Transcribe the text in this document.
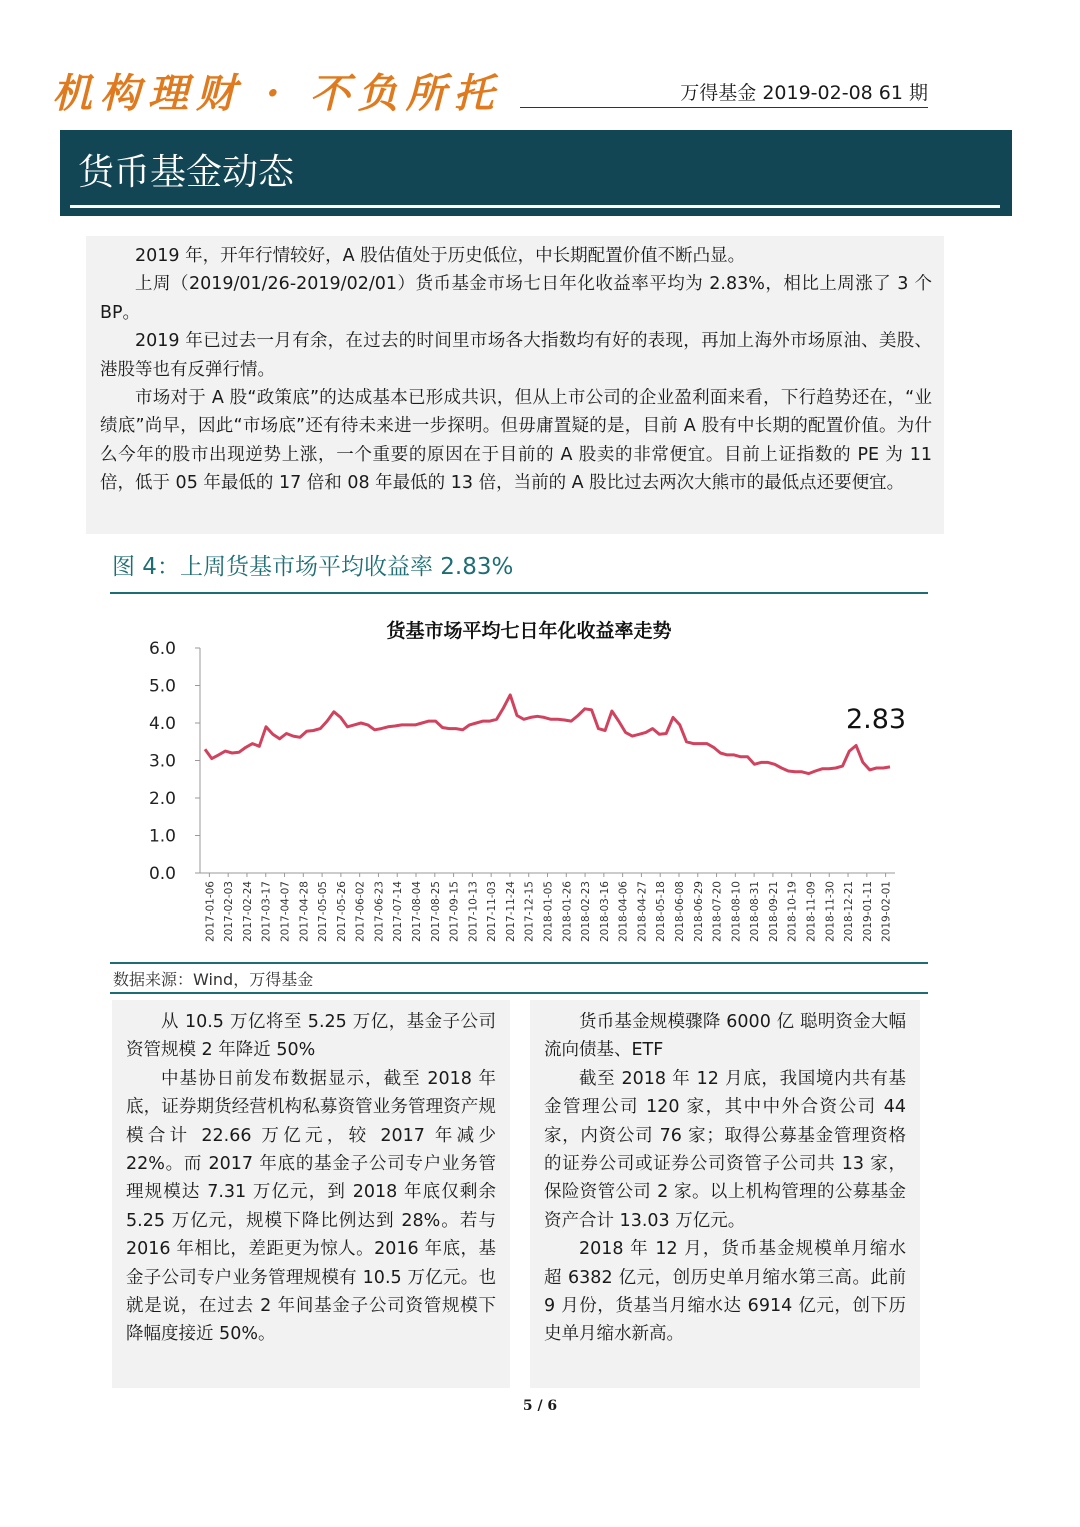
机构理财 · 不负所托	万得基金 2019-02-08 61 期
货币基金动态

2019 年，开年行情较好，A 股估值处于历史低位，中长期配置价值不断凸显。

上周（2019/01/26-2019/02/01）货币基金市场七日年化收益率平均为 2.83%，相比上周涨了 3 个 BP。

2019 年已过去一月有余，在过去的时间里市场各大指数均有好的表现，再加上海外市场原油、美股、港股等也有反弹行情。

市场对于 A 股“政策底”的达成基本已形成共识，但从上市公司的企业盈利面来看，下行趋势还在，“业绩底”尚早，因此“市场底”还有待未来进一步探明。但毋庸置疑的是，目前 A 股有中长期的配置价值。为什么今年的股市出现逆势上涨，一个重要的原因在于目前的 A 股卖的非常便宜。目前上证指数的 PE 为 11 倍，低于 05 年最低的 17 倍和 08 年最低的 13 倍，当前的 A 股比过去两次大熊市的最低点还要便宜。

图 4：上周货基市场平均收益率 2.83%
货基市场平均七日年化收益率走势
0.0
1.0
2.0
3.0
4.0
5.0
6.0
2017-01-06 2017-02-03 2017-02-24 2017-03-17 2017-04-07 2017-04-28 2017-05-05 2017-05-26 2017-06-02 2017-06-23 2017-07-14 2017-08-04 2017-08-25 2017-09-15 2017-10-13 2017-11-03 2017-11-24 2017-12-15 2018-01-05 2018-01-26 2018-02-23 2018-03-16 2018-04-06 2018-04-27 2018-05-18 2018-06-08 2018-06-29 2018-07-20 2018-08-10 2018-08-31 2018-09-21 2018-10-19 2018-11-09 2018-11-30 2018-12-21 2019-01-11 2019-02-01
2.83
数据来源：Wind，万得基金
从 10.5 万亿将至 5.25 万亿，基金子公司资管规模 2 年降近 50%

中基协日前发布数据显示，截至 2018 年底，证券期货经营机构私募资管业务管理资产规模合计 22.66 万亿元，较 2017 年减少 22%。而 2017 年底的基金子公司专户业务管理规模达 7.31 万亿元，到 2018 年底仅剩余 5.25 万亿元，规模下降比例达到 28%。若与 2016 年相比，差距更为惊人。2016 年底，基金子公司专户业务管理规模有 10.5 万亿元。也就是说，在过去 2 年间基金子公司资管规模下降幅度接近 50%。

货币基金规模骤降 6000 亿 聪明资金大幅流向债基、ETF

截至 2018 年 12 月底，我国境内共有基金管理公司 120 家，其中中外合资公司 44 家，内资公司 76 家；取得公募基金管理资格的证券公司或证券公司资管子公司共 13 家，保险资管公司 2 家。以上机构管理的公募基金资产合计 13.03 万亿元。

2018 年 12 月，货币基金规模单月缩水超 6382 亿元，创历史单月缩水第三高。此前 9 月份，货基当月缩水达 6914 亿元，创下历史单月缩水新高。

5 / 6
